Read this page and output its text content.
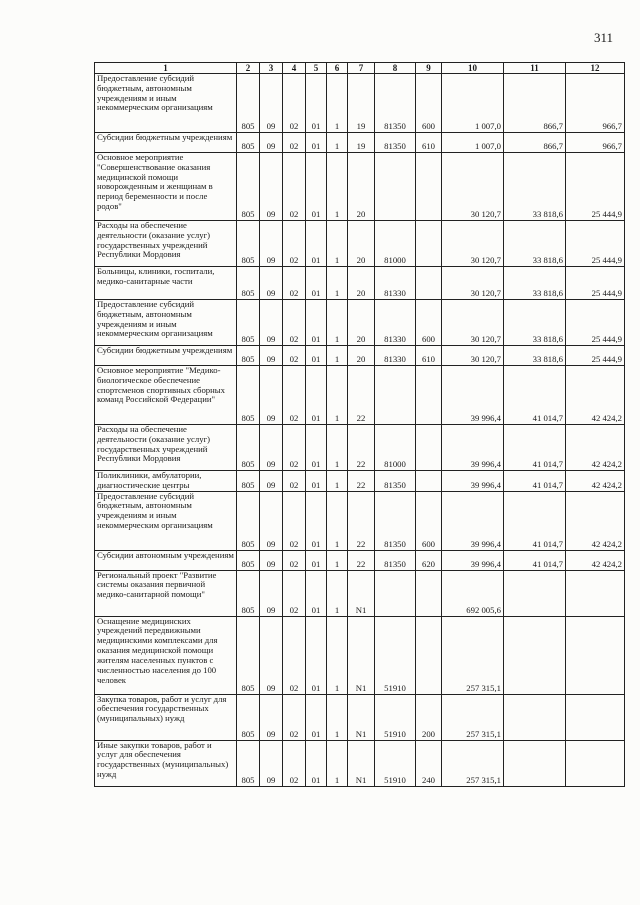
311
1	2	3	4	5	6	7	8	9	10	11	12
Предоставление субсидий бюджетным, автономным учреждениям и иным некоммерческим организациям	805	09	02	01	1	19	81350	600	1 007,0	866,7	966,7
Субсидии бюджетным учреждениям	805	09	02	01	1	19	81350	610	1 007,0	866,7	966,7
Основное мероприятие "Совершенствование оказания медицинской помощи новорожденным и женщинам в период беременности и после родов"	805	09	02	01	1	20			30 120,7	33 818,6	25 444,9
Расходы на обеспечение деятельности (оказание услуг) государственных учреждений Республики Мордовия	805	09	02	01	1	20	81000		30 120,7	33 818,6	25 444,9
Больницы, клиники, госпитали, медико-санитарные части	805	09	02	01	1	20	81330		30 120,7	33 818,6	25 444,9
Предоставление субсидий бюджетным, автономным учреждениям и иным некоммерческим организациям	805	09	02	01	1	20	81330	600	30 120,7	33 818,6	25 444,9
Субсидии бюджетным учреждениям	805	09	02	01	1	20	81330	610	30 120,7	33 818,6	25 444,9
Основное мероприятие "Медико-биологическое обеспечение спортсменов спортивных сборных команд Российской Федерации"	805	09	02	01	1	22			39 996,4	41 014,7	42 424,2
Расходы на обеспечение деятельности (оказание услуг) государственных учреждений Республики Мордовия	805	09	02	01	1	22	81000		39 996,4	41 014,7	42 424,2
Поликлиники, амбулатории, диагностические центры	805	09	02	01	1	22	81350		39 996,4	41 014,7	42 424,2
Предоставление субсидий бюджетным, автономным учреждениям и иным некоммерческим организациям	805	09	02	01	1	22	81350	600	39 996,4	41 014,7	42 424,2
Субсидии автономным учреждениям	805	09	02	01	1	22	81350	620	39 996,4	41 014,7	42 424,2
Региональный проект "Развитие системы оказания первичной медико-санитарной помощи"	805	09	02	01	1	N1			692 005,6		
Оснащение медицинских учреждений передвижными медицинскими комплексами для оказания медицинской помощи жителям населенных пунктов с численностью населения до 100 человек	805	09	02	01	1	N1	51910		257 315,1		
Закупка товаров, работ и услуг для обеспечения государственных (муниципальных) нужд	805	09	02	01	1	N1	51910	200	257 315,1		
Иные закупки товаров, работ и услуг для обеспечения государственных (муниципальных) нужд	805	09	02	01	1	N1	51910	240	257 315,1		
